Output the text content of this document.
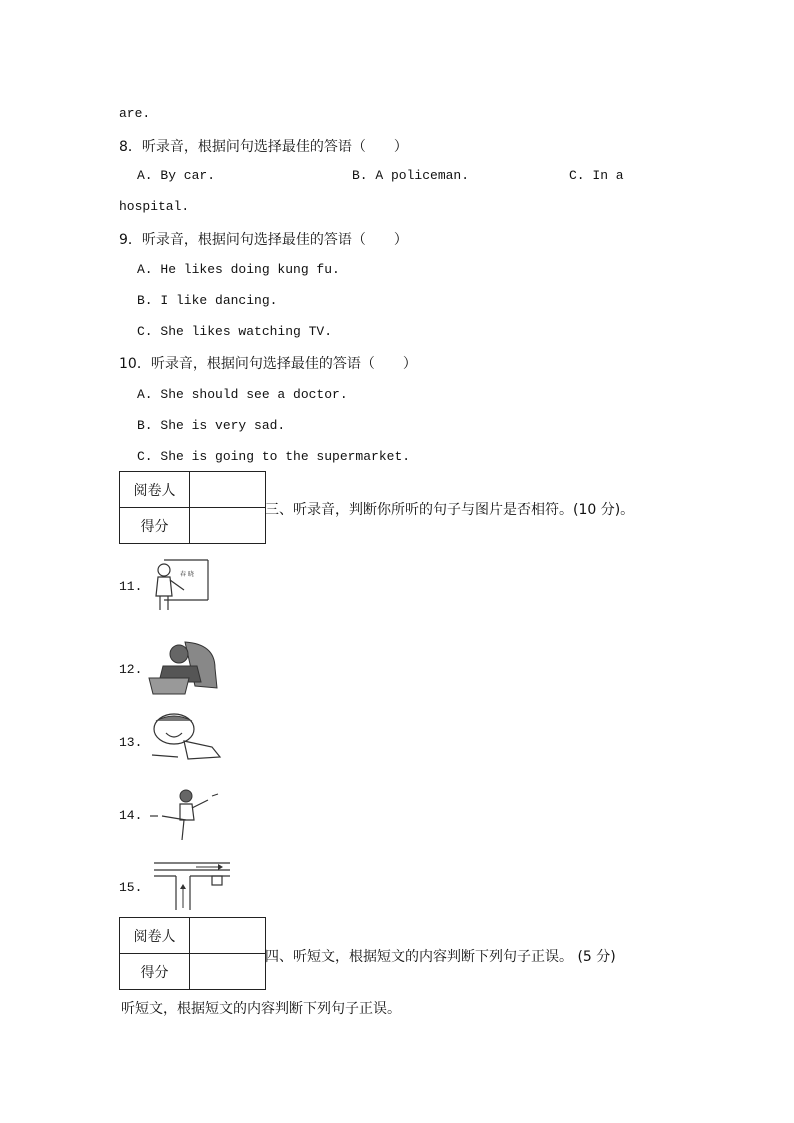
are.
8．听录音，根据问句选择最佳的答语（　　）
A. By car.	B. A policeman.	C. In a
hospital.
9．听录音，根据问句选择最佳的答语（　　）
A. He likes doing kung fu.
B. I like dancing.
C. She likes watching TV.
10．听录音，根据问句选择最佳的答语（　　）
A. She should see a doctor.
B. She is very sad.
C. She is going to the supermarket.
阅卷人	
得分	
三、听录音，判断你所听的句子与图片是否相符。(10 分)。
11.
春 晓
12.
13.
14.
15.
阅卷人	
得分	
四、听短文，根据短文的内容判断下列句子正误。 (5 分)
听短文，根据短文的内容判断下列句子正误。
